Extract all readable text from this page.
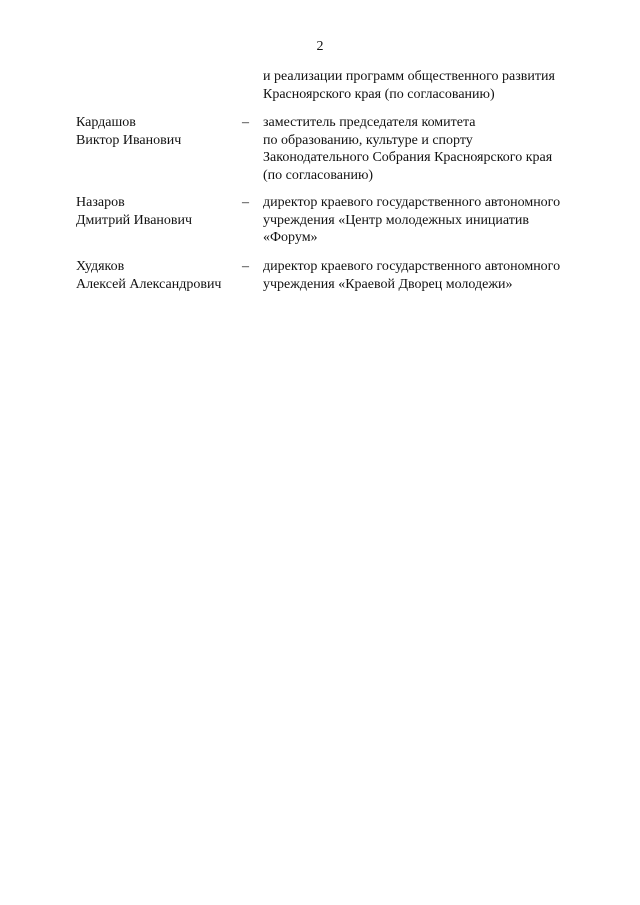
2
и реализации программ общественного развития
Красноярского края (по согласованию)
Кардашов
Виктор Иванович
– заместитель председателя комитета
по образованию, культуре и спорту
Законодательного Собрания Красноярского края
(по согласованию)
Назаров
Дмитрий Иванович
– директор краевого государственного автономного
учреждения «Центр молодежных инициатив
«Форум»
Худяков
Алексей Александрович
– директор краевого государственного автономного
учреждения «Краевой Дворец молодежи»
